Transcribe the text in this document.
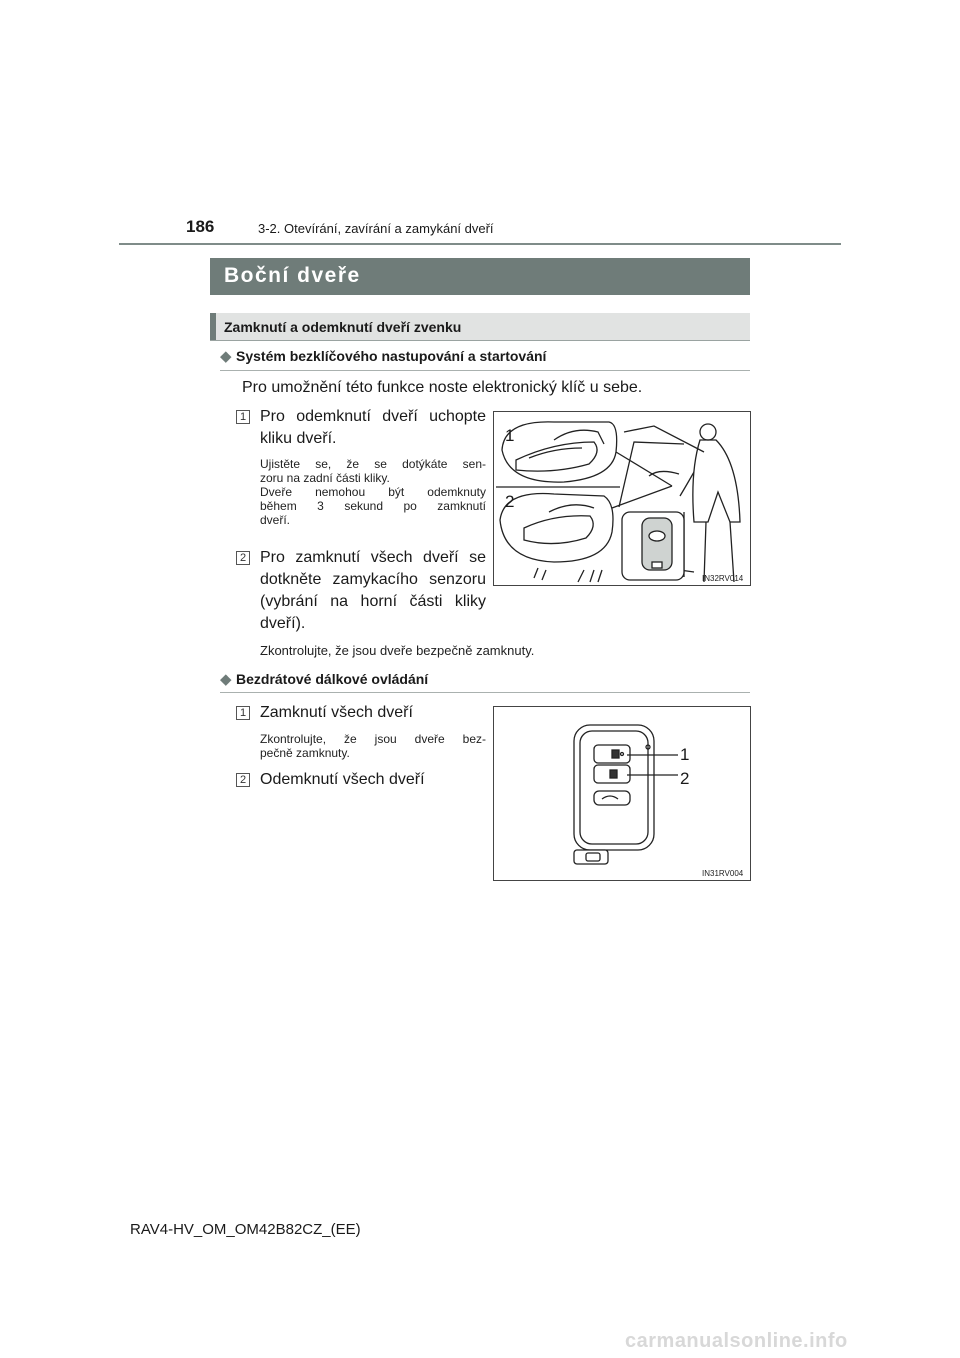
186	3-2. Otevírání, zavírání a zamykání dveří
Boční dveře
Zamknutí a odemknutí dveří zvenku
◆ Systém bezklíčového nastupování a startování
Pro umožnění této funkce noste elektronický klíč u sebe.
1 Pro odemknutí dveří uchopte
kliku dveří.
Ujistěte se, že se dotýkáte sen-
zoru na zadní části kliky.
Dveře nemohou být odemknuty
během 3 sekund po zamknutí
dveří.
2 Pro zamknutí všech dveří se
dotkněte zamykacího senzoru
(vybrání na horní části kliky
dveří).
Zkontrolujte, že jsou dveře bezpečně zamknuty.
1
2
IN32RV014
◆ Bezdrátové dálkové ovládání
1 Zamknutí všech dveří
Zkontrolujte, že jsou dveře bez-
pečně zamknuty.
2 Odemknutí všech dveří
1
2
IN31RV004
RAV4-HV_OM_OM42B82CZ_(EE)
carmanualsonline.info
